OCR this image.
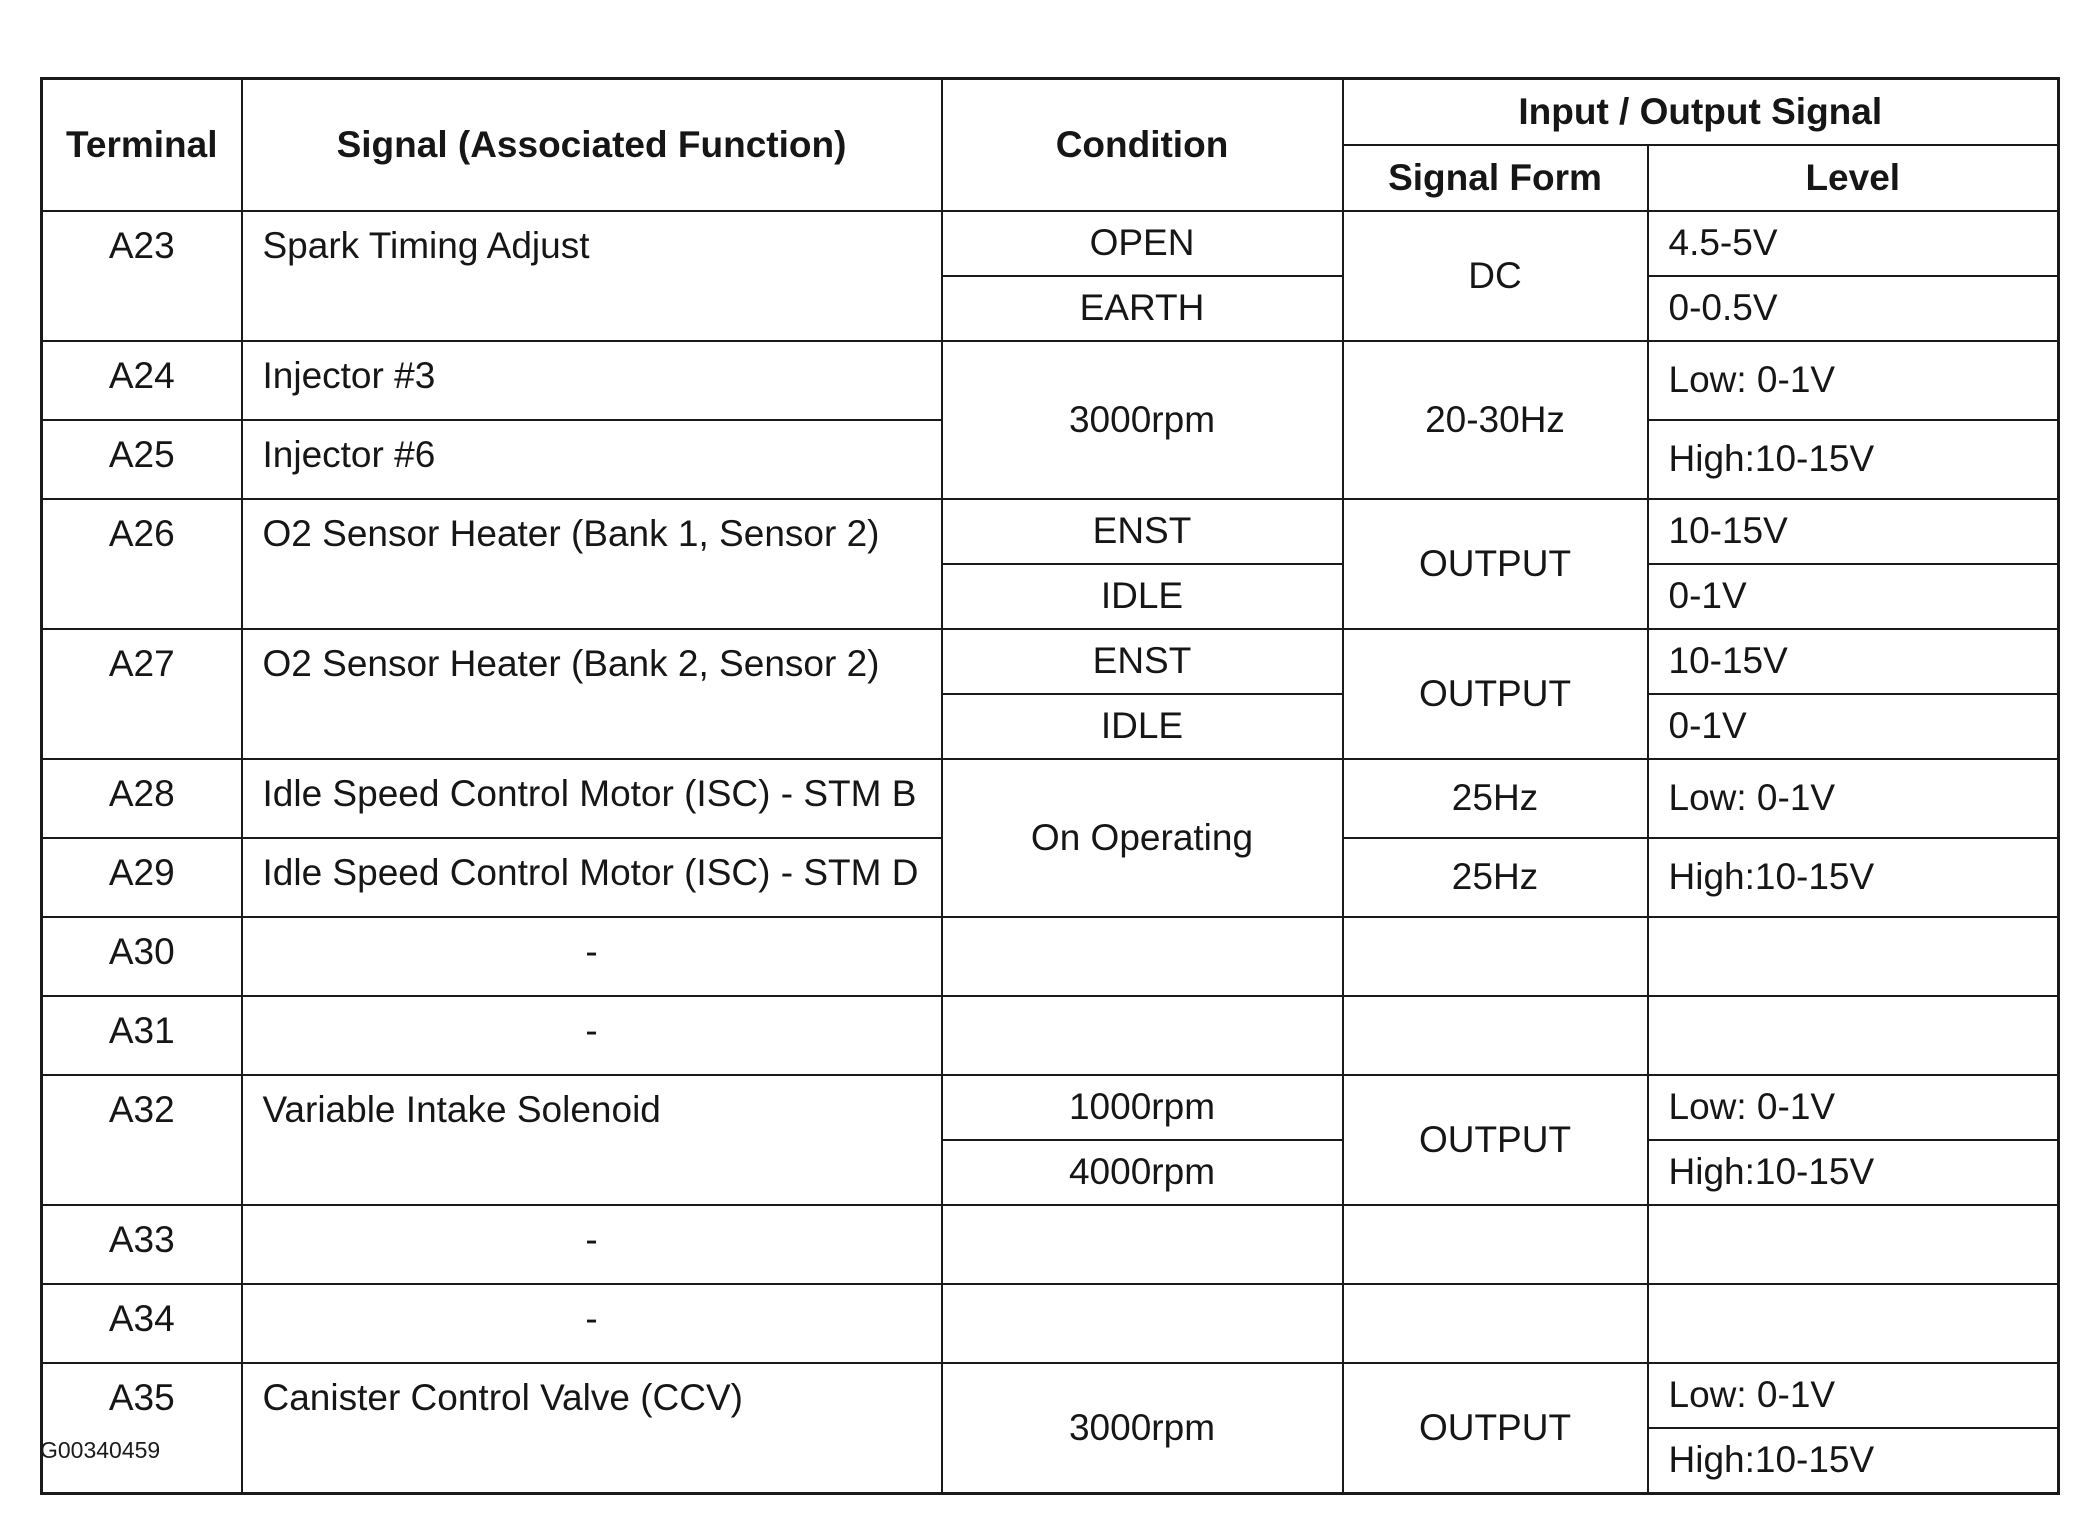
Terminal	Signal (Associated Function)	Condition	Input / Output Signal	
			Signal Form	Level
A23	Spark Timing Adjust	OPEN	DC	4.5-5V
		EARTH		0-0.5V
A24	Injector #3	3000rpm	20-30Hz	Low: 0-1V
A25	Injector #6			High:10-15V
A26	O2 Sensor Heater (Bank 1, Sensor 2)	ENST	OUTPUT	10-15V
		IDLE		0-1V
A27	O2 Sensor Heater (Bank 2, Sensor 2)	ENST	OUTPUT	10-15V
		IDLE		0-1V
A28	Idle Speed Control Motor (ISC) - STM B	On Operating	25Hz	Low: 0-1V
A29	Idle Speed Control Motor (ISC) - STM D		25Hz	High:10-15V
A30	-			
A31	-			
A32	Variable Intake Solenoid	1000rpm	OUTPUT	Low: 0-1V
		4000rpm		High:10-15V
A33	-			
A34	-			
A35	Canister Control Valve (CCV)	3000rpm	OUTPUT	Low: 0-1V
				High:10-15V
G00340459
